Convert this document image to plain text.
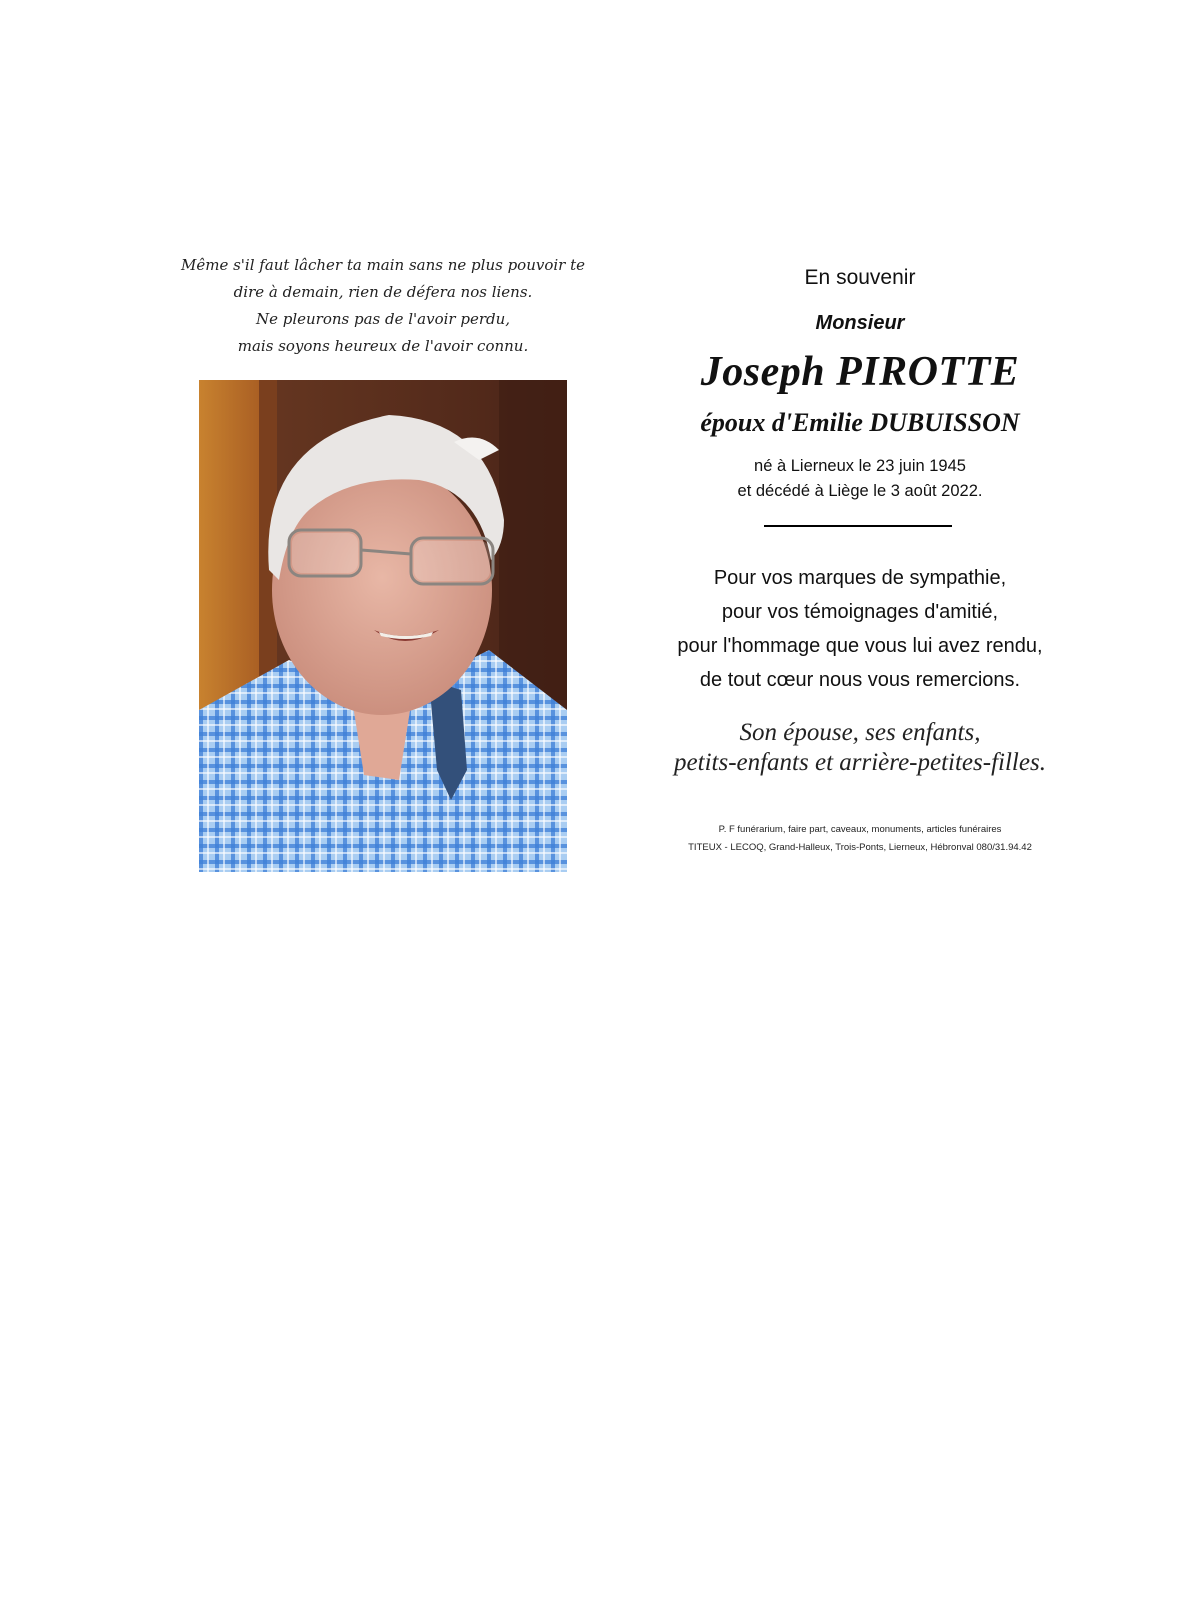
Même s'il faut lâcher ta main sans ne plus pouvoir te
dire à demain, rien de défera nos liens.
Ne pleurons pas de l'avoir perdu,
mais soyons heureux de l'avoir connu.
En souvenir
Monsieur
Joseph PIROTTE
époux d'Emilie DUBUISSON
né à Lierneux le 23 juin 1945
et décédé à Liège le 3 août 2022.
Pour vos marques de sympathie,
pour vos témoignages d'amitié,
pour l'hommage que vous lui avez rendu,
de tout cœur nous vous remercions.
Son épouse, ses enfants,
petits-enfants et arrière-petites-filles.
P. F funérarium, faire part, caveaux, monuments, articles funéraires
TITEUX - LECOQ, Grand-Halleux, Trois-Ponts, Lierneux, Hébronval 080/31.94.42
